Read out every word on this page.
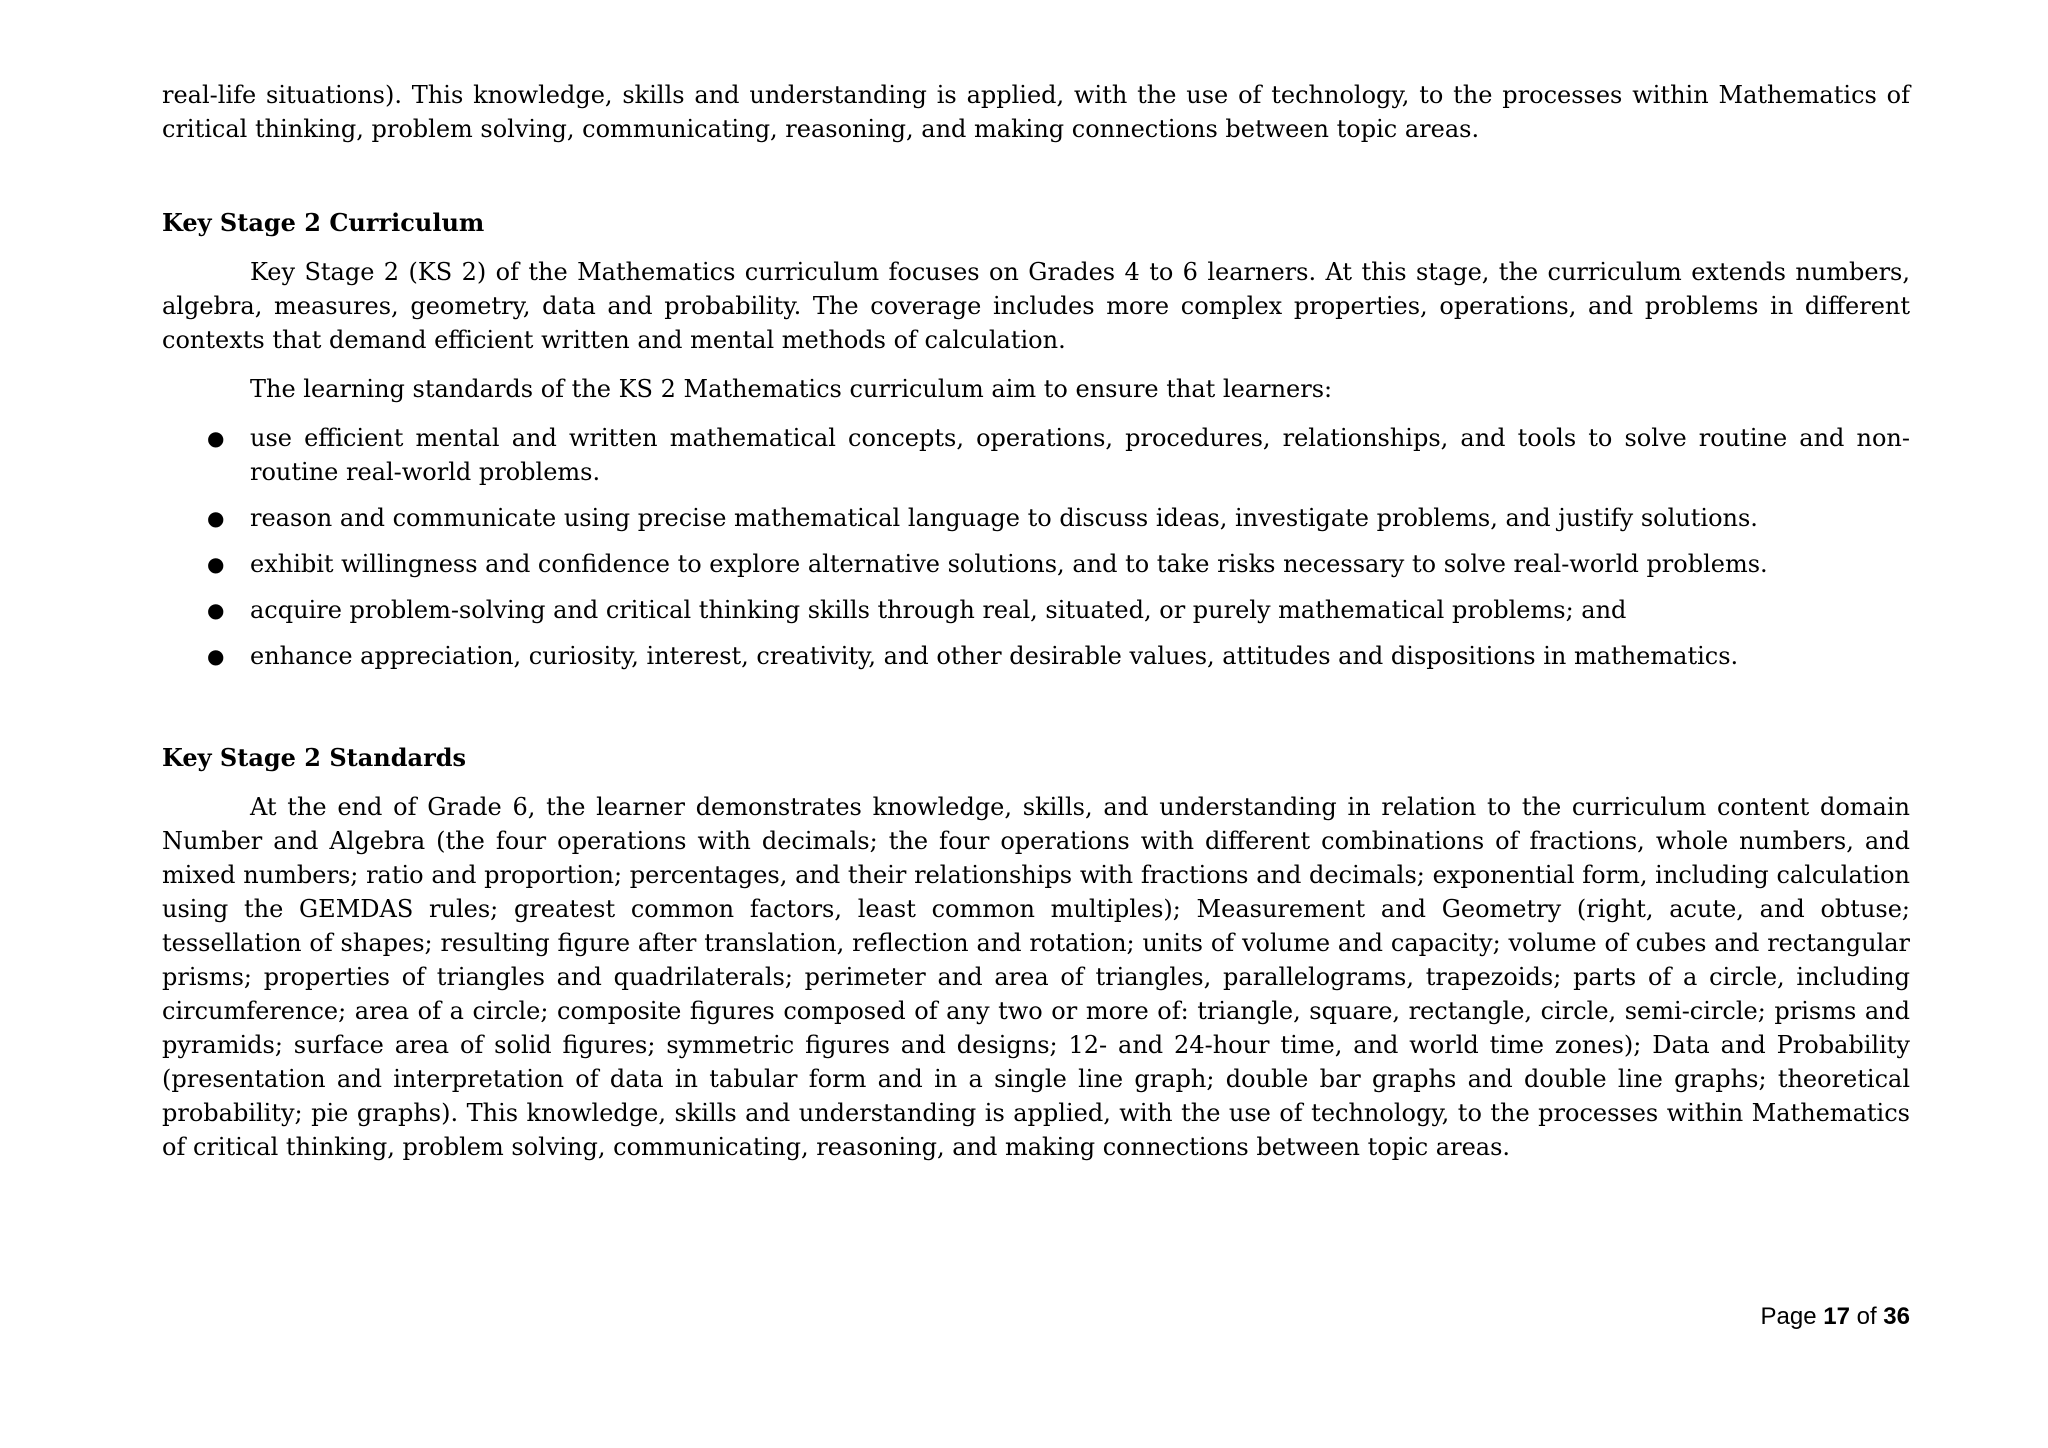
real-life situations). This knowledge, skills and understanding is applied, with the use of technology, to the processes within Mathematics of critical thinking, problem solving, communicating, reasoning, and making connections between topic areas.

Key Stage 2 Curriculum

Key Stage 2 (KS 2) of the Mathematics curriculum focuses on Grades 4 to 6 learners. At this stage, the curriculum extends numbers, algebra, measures, geometry, data and probability. The coverage includes more complex properties, operations, and problems in different contexts that demand efficient written and mental methods of calculation.

The learning standards of the KS 2 Mathematics curriculum aim to ensure that learners:

● use efficient mental and written mathematical concepts, operations, procedures, relationships, and tools to solve routine and non-routine real-world problems.
● reason and communicate using precise mathematical language to discuss ideas, investigate problems, and justify solutions.
● exhibit willingness and confidence to explore alternative solutions, and to take risks necessary to solve real-world problems.
● acquire problem-solving and critical thinking skills through real, situated, or purely mathematical problems; and
● enhance appreciation, curiosity, interest, creativity, and other desirable values, attitudes and dispositions in mathematics.
Key Stage 2 Standards

At the end of Grade 6, the learner demonstrates knowledge, skills, and understanding in relation to the curriculum content domain Number and Algebra (the four operations with decimals; the four operations with different combinations of fractions, whole numbers, and mixed numbers; ratio and proportion; percentages, and their relationships with fractions and decimals; exponential form, including calculation using the GEMDAS rules; greatest common factors, least common multiples); Measurement and Geometry (right, acute, and obtuse; tessellation of shapes; resulting figure after translation, reflection and rotation; units of volume and capacity; volume of cubes and rectangular prisms; properties of triangles and quadrilaterals; perimeter and area of triangles, parallelograms, trapezoids; parts of a circle, including circumference; area of a circle; composite figures composed of any two or more of: triangle, square, rectangle, circle, semi-circle; prisms and pyramids; surface area of solid figures; symmetric figures and designs; 12- and 24-hour time, and world time zones); Data and Probability (presentation and interpretation of data in tabular form and in a single line graph; double bar graphs and double line graphs; theoretical probability; pie graphs). This knowledge, skills and understanding is applied, with the use of technology, to the processes within Mathematics of critical thinking, problem solving, communicating, reasoning, and making connections between topic areas.

Page 17 of 36
